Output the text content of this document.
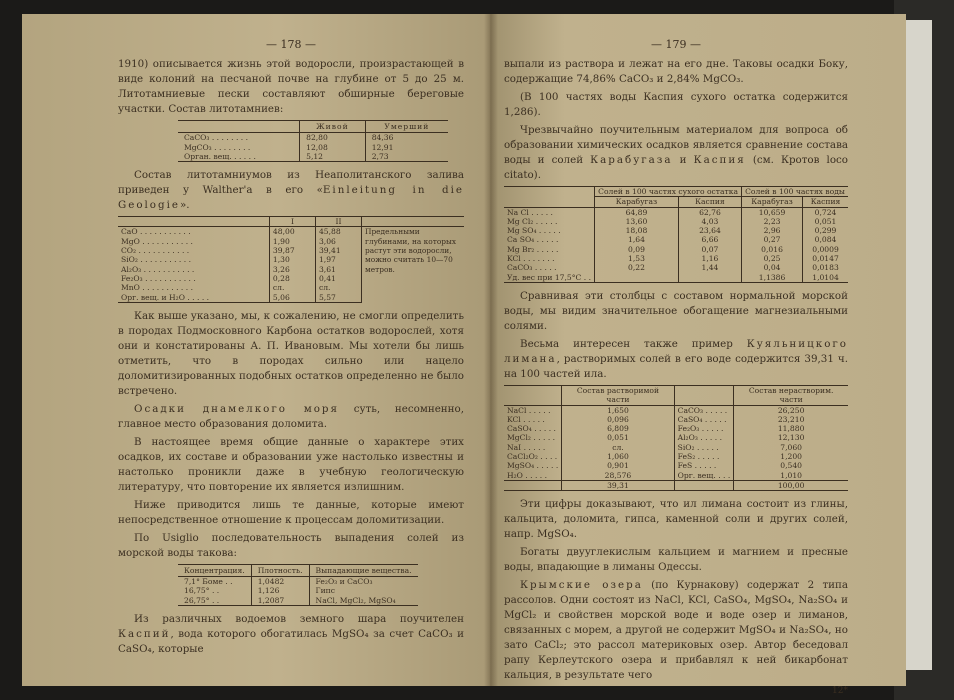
— 178 —

1910) описывается жизнь этой водоросли, произрастающей в виде колоний на песчаной почве на глубине от 5 до 25 м. Литотамниевые пески составляют обширные береговые участки. Состав литотамниев:

	Живой	Умерший
CaCO₃ . . . . . . . .	82,80	84,36
MgCO₃ . . . . . . . .	12,08	12,91
Орган. вещ. . . . . .	5,12	2,73

Состав литотамниумов из Неаполитанского залива приведен у Walther'а в его «Einleitung in die Geologie».

	I	II	
CaO . . . . . . . . . . .	48,00	45,88	Предельными глубинами, на которых растут эти водоросли, можно считать 10—70 метров.
MgO . . . . . . . . . . .	1,90	3,06	
CO₂ . . . . . . . . . . .	39,87	39,41	
SiO₂ . . . . . . . . . . .	1,30	1,97	
Al₂O₃ . . . . . . . . . . .	3,26	3,61	
Fe₂O₃ . . . . . . . . . . .	0,28	0,41	
MnO . . . . . . . . . . .	сл.	сл.	
Орг. вещ. и H₂O . . . . .	5,06	5,57	

Как выше указано, мы, к сожалению, не смогли определить в породах Подмосковного Карбона остатков водорослей, хотя они и констатированы А. П. Ивановым. Мы хотели бы лишь отметить, что в породах сильно или нацело доломитизированных подобных остатков определенно не было встречено.

Осадки днамелкого моря суть, несомненно, главное место образования доломита.

В настоящее время общие данные о характере этих осадков, их составе и образовании уже настолько известны и настолько проникли даже в учебную геологическую литературу, что повторение их является излишним.

Ниже приводится лишь те данные, которые имеют непосредственное отношение к процессам доломитизации.

По Usiglio последовательность выпадения солей из морской воды такова:

Концентрация.	Плотность.	Выпадающие вещества.
7,1° Боме . .	1,0482	Fe₂O₃ и CaCO₃
16,75° . .	1,126	Гипс
26,75° . .	1,2087	NaCl, MgCl₂, MgSO₄

Из различных водоемов земного шара поучителен Каспий, вода которого обогатилась MgSO₄ за счет CaCO₃ и CaSO₄, которые

— 179 —

выпали из раствора и лежат на его дне. Таковы осадки Боку, содержащие 74,86% CaCO₃ и 2,84% MgCO₃.

(В 100 частях воды Каспия сухого остатка содержится 1,286).

Чрезвычайно поучительным материалом для вопроса об образовании химических осадков является сравнение состава воды и солей Карабугаза и Каспия (см. Кротов loco citato).

	Солей в 100 частях сухого остатка		Солей в 100 частях воды	
	Карабугаз	Каспия	Карабугаз	Каспия
Na Cl . . . . .	64,89	62,76	10,659	0,724
Mg Cl₂ . . . . .	13,60	4,03	2,23	0,051
Mg SO₄ . . . . .	18,08	23,64	2,96	0,299
Ca SO₄ . . . . .	1,64	6,66	0,27	0,084
Mg Br₂ . . . . .	0,09	0,07	0,016	0,0009
KCl . . . . . . .	1,53	1,16	0,25	0,0147
CaCO₃ . . . . .	0,22	1,44	0,04	0,0183
Уд. вес при 17,5°С . .			1,1386	1,0104

Сравнивая эти столбцы с составом нормальной морской воды, мы видим значительное обогащение магнезиальными солями.

Весьма интересен также пример Куяльницкого лимана, растворимых солей в его воде содержится 39,31 ч. на 100 частей ила.

	Состав растворимой части		Состав нерастворим. части
NaCl . . . . .	1,650	CaCO₃ . . . . .	26,250
KCl . . . . .	0,096	CaSO₄ . . . . .	23,210
CaSO₄ . . . . .	6,809	Fe₂O₃ . . . . .	11,880
MgCl₂ . . . . .	0,051	Al₂O₃ . . . . .	12,130
NaI . . . . .	сл.	SiO₂ . . . . .	7,060
CaCl₂O₂ . . . .	1,060	FeS₂ . . . . .	1,200
MgSO₄ . . . . .	0,901	FeS . . . . .	0,540
H₂O . . . . .	28,576	Орг. вещ. . . .	1,010
	39,31		100,00

Эти цифры доказывают, что ил лимана состоит из глины, кальцита, доломита, гипса, каменной соли и других солей, напр. MgSO₄.

Богаты двууглекислым кальцием и магнием и пресные воды, впадающие в лиманы Одессы.

Крымские озера (по Курнакову) содержат 2 типа рассолов. Одни состоят из NaCl, KCl, CaSO₄, MgSO₄, Na₂SO₄ и MgCl₂ и свойствен морской воде и воде озер и лиманов, связанных с морем, а другой не содержит MgSO₄ и Na₂SO₄, но зато CaCl₂; это рассол материковых озер. Автор беседовал рапу Керлеутского озера и прибавлял к ней бикарбонат кальция, в результате чего

12*
